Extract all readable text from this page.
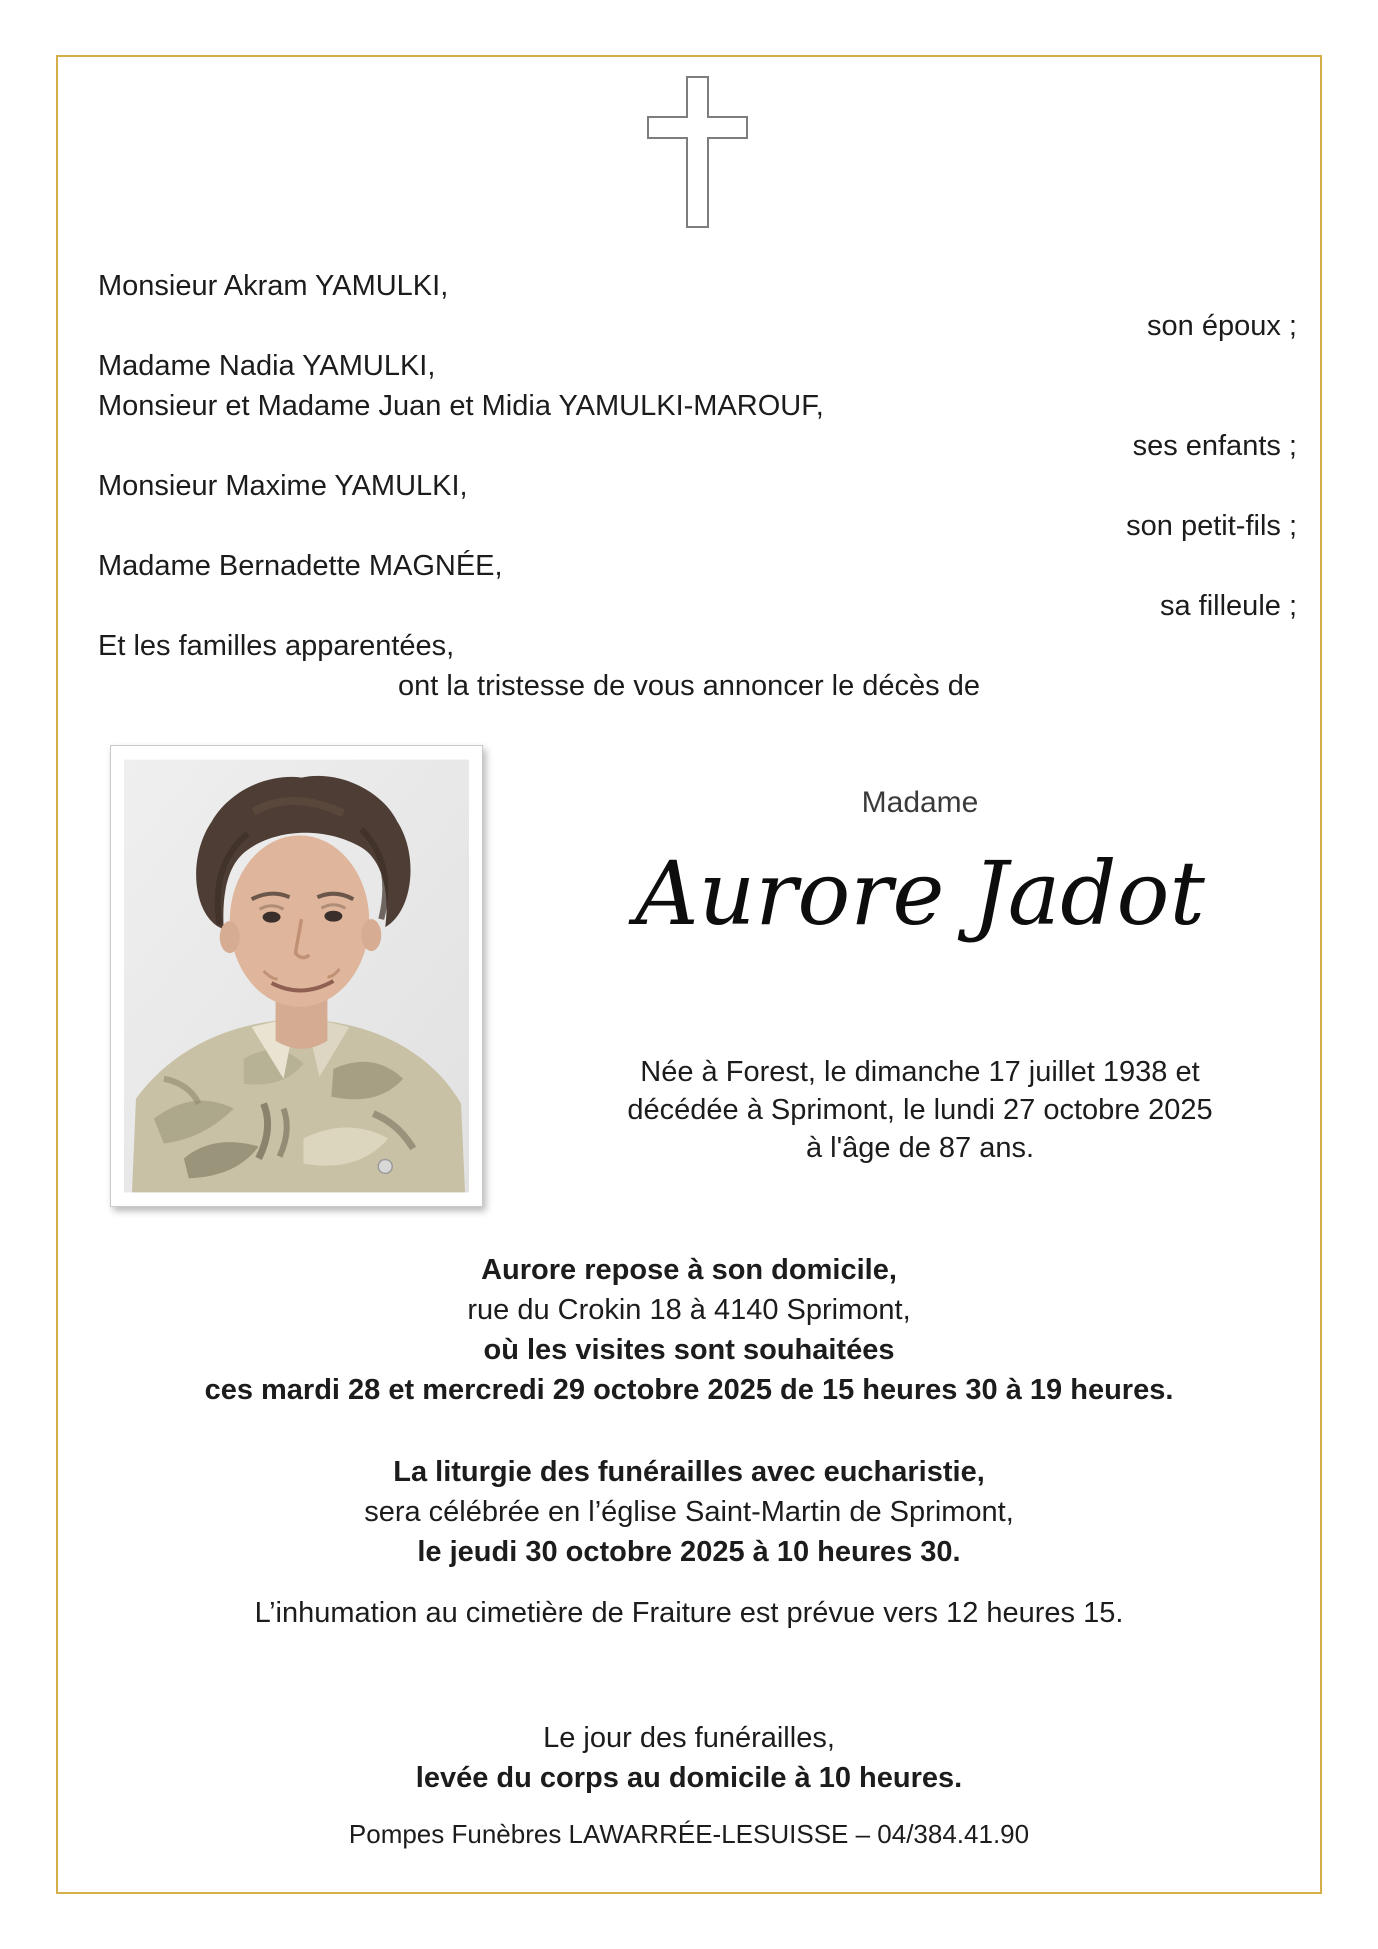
Monsieur Akram YAMULKI,
son époux ;
Madame Nadia YAMULKI,
Monsieur et Madame Juan et Midia YAMULKI-MAROUF,
ses enfants ;
Monsieur Maxime YAMULKI,
son petit-fils ;
Madame Bernadette MAGNÉE,
sa filleule ;
Et les familles apparentées,
ont la tristesse de vous annoncer le décès de
Madame
Aurore Jadot
Née à Forest, le dimanche 17 juillet 1938 et
décédée à Sprimont, le lundi 27 octobre 2025
à l'âge de 87 ans.
Aurore repose à son domicile,
rue du Crokin 18 à 4140 Sprimont,
où les visites sont souhaitées
ces mardi 28 et mercredi 29 octobre 2025 de 15 heures 30 à 19 heures.
La liturgie des funérailles avec eucharistie,
sera célébrée en l’église Saint-Martin de Sprimont,
le jeudi 30 octobre 2025 à 10 heures 30.
L’inhumation au cimetière de Fraiture est prévue vers 12 heures 15.
Le jour des funérailles,
levée du corps au domicile à 10 heures.
Pompes Funèbres LAWARRÉE-LESUISSE – 04/384.41.90
